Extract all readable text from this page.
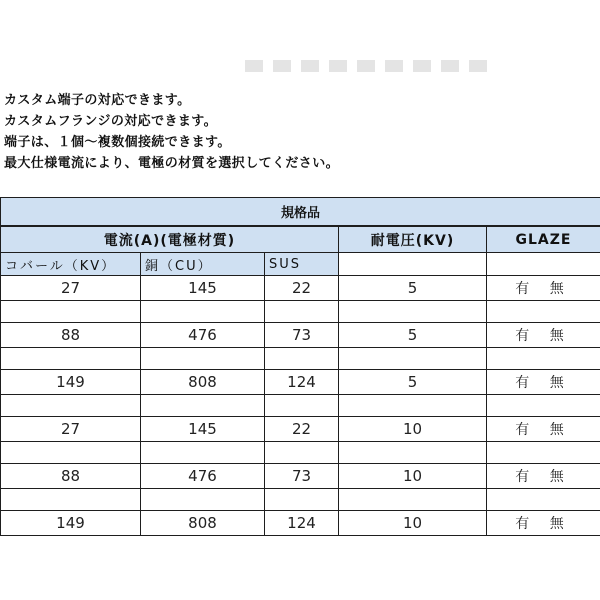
カスタム端子の対応できます。
カスタムフランジの対応できます。
端子は、１個〜複数個接続できます。
最大仕様電流により、電極の材質を選択してください。
規格品				
電流(A)(電極材質)			耐電圧(KV)	GLAZE
コバール（KV）	銅（CU）	SUS		
27	145	22	5	有 無

88	476	73	5	有 無

149	808	124	5	有 無

27	145	22	10	有 無

88	476	73	10	有 無

149	808	124	10	有 無
